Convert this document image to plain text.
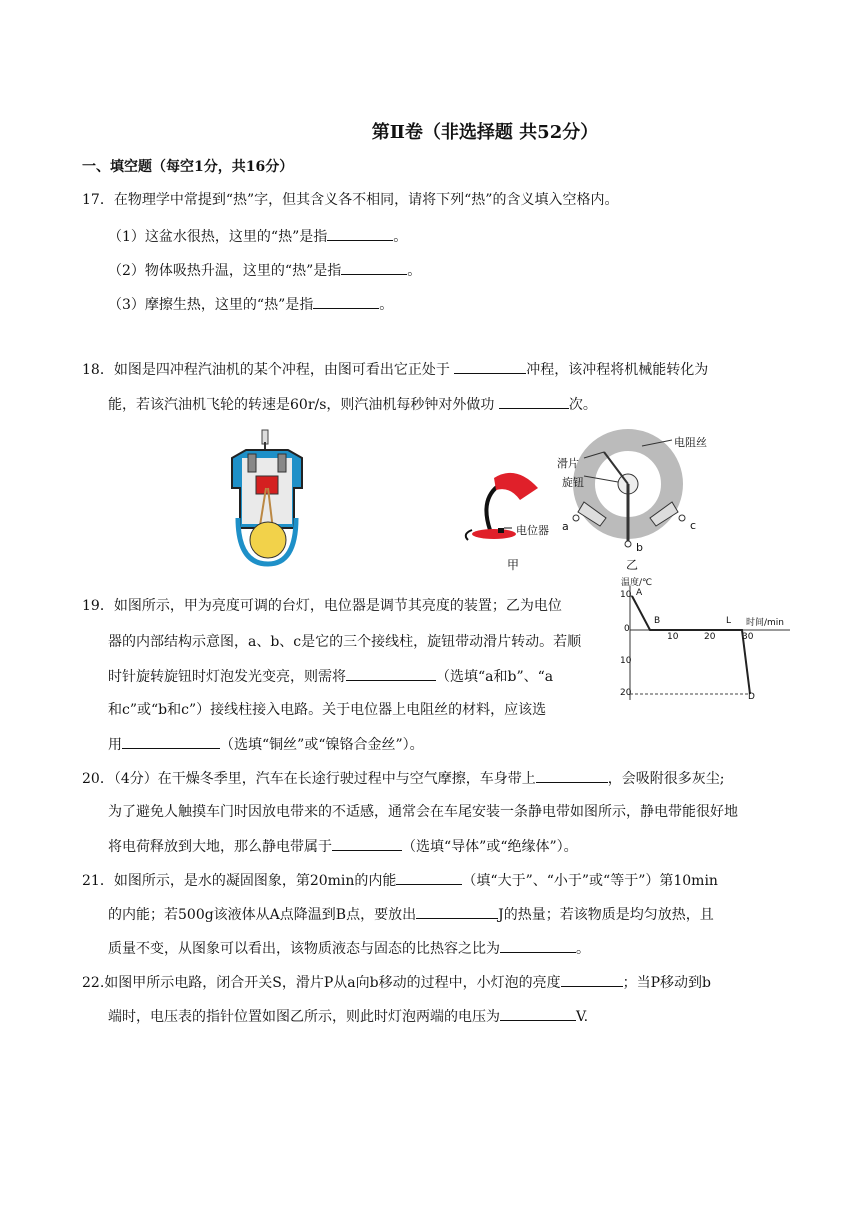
第Ⅱ卷（非选择题 共52分）
一、填空题（每空1分，共16分）
17．在物理学中常提到“热”字，但其含义各不相同，请将下列“热”的含义填入空格内。
（1）这盆水很热，这里的“热”是指	。
（2）物体吸热升温，这里的“热”是指	。
（3）摩擦生热，这里的“热”是指	。
18．如图是四冲程汽油机的某个冲程，由图可看出它正处于	冲程，该冲程将机械能转化为
能，若该汽油机飞轮的转速是60r/s，则汽油机每秒钟对外做功	次。
电位器
甲
滑片
旋钮
电阻丝
a
b
c
乙
温度/℃
时间/min
10
0
10
20
10	20	30
A
B	L
D
19．如图所示，甲为亮度可调的台灯，电位器是调节其亮度的装置；乙为电位
器的内部结构示意图，a、b、c是它的三个接线柱，旋钮带动滑片转动。若顺
时针旋转旋钮时灯泡发光变亮，则需将	（选填“a和b”、“a
和c”或“b和c”）接线柱接入电路。关于电位器上电阻丝的材料，应该选
用	（选填“铜丝”或“镍铬合金丝”）。
20．（4分）在干燥冬季里，汽车在长途行驶过程中与空气摩擦，车身带上	，会吸附很多灰尘;
为了避免人触摸车门时因放电带来的不适感，通常会在车尾安装一条静电带如图所示，静电带能很好地
将电荷释放到大地，那么静电带属于	（选填“导体”或“绝缘体”）。
21．如图所示，是水的凝固图象，第20min的内能	（填“大于”、“小于”或“等于”）第10min
的内能；若500g该液体从A点降温到B点，要放出	J的热量；若该物质是均匀放热，且
质量不变，从图象可以看出，该物质液态与固态的比热容之比为	。
22.如图甲所示电路，闭合开关S，滑片P从a向b移动的过程中，小灯泡的亮度	；当P移动到b
端时，电压表的指针位置如图乙所示，则此时灯泡两端的电压为	V.
